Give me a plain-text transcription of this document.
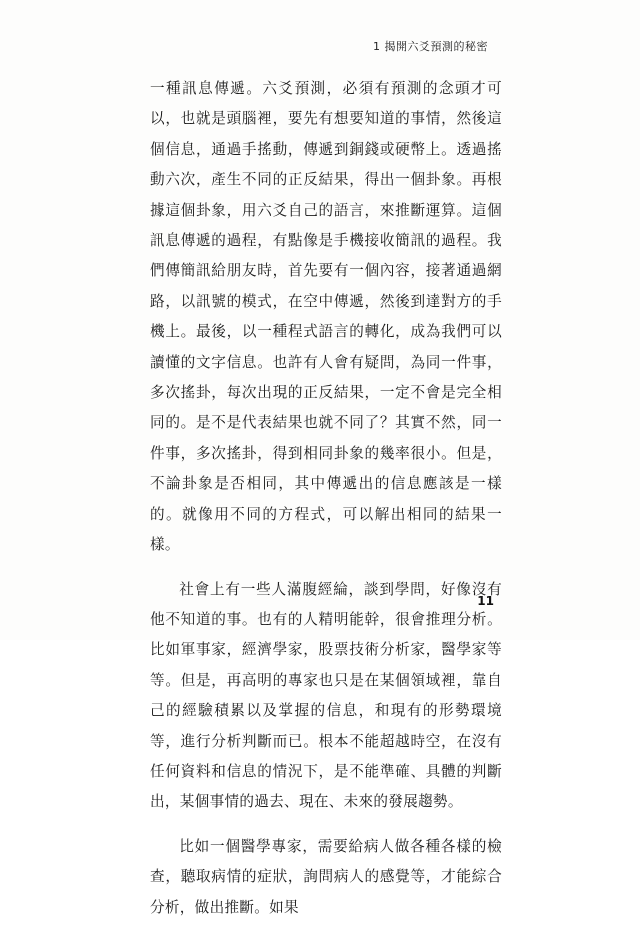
1 揭開六爻預測的秘密

一種訊息傳遞。六爻預測，必須有預測的念頭才可以，也就是頭腦裡，要先有想要知道的事情，然後這個信息，通過手搖動，傳遞到銅錢或硬幣上。透過搖動六次，產生不同的正反結果，得出一個卦象。再根據這個卦象，用六爻自己的語言，來推斷運算。這個訊息傳遞的過程，有點像是手機接收簡訊的過程。我們傳簡訊給朋友時，首先要有一個內容，接著通過網路，以訊號的模式，在空中傳遞，然後到達對方的手機上。最後，以一種程式語言的轉化，成為我們可以讀懂的文字信息。也許有人會有疑問，為同一件事，多次搖卦，每次出現的正反結果，一定不會是完全相同的。是不是代表結果也就不同了？其實不然，同一件事，多次搖卦，得到相同卦象的幾率很小。但是，不論卦象是否相同，其中傳遞出的信息應該是一樣的。就像用不同的方程式，可以解出相同的結果一樣。

社會上有一些人滿腹經綸，談到學問，好像沒有他不知道的事。也有的人精明能幹，很會推理分析。比如軍事家，經濟學家，股票技術分析家，醫學家等等。但是，再高明的專家也只是在某個領域裡，靠自己的經驗積累以及掌握的信息，和現有的形勢環境等，進行分析判斷而已。根本不能超越時空，在沒有任何資料和信息的情況下，是不能準確、具體的判斷出，某個事情的過去、現在、未來的發展趨勢。

比如一個醫學專家，需要給病人做各種各樣的檢查，聽取病情的症狀，詢問病人的感覺等，才能綜合分析，做出推斷。如果

11
